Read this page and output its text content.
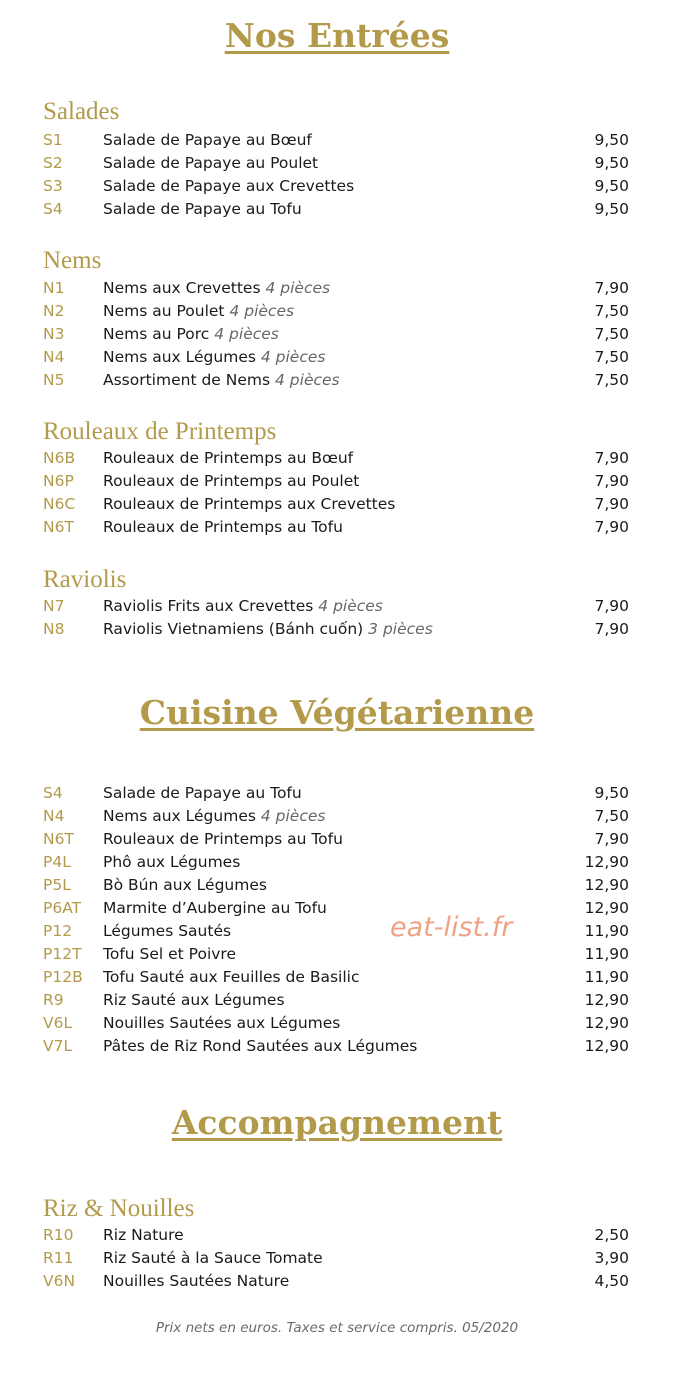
Nos Entrées
Salades
S1	Salade de Papaye au Bœuf	9,50
S2	Salade de Papaye au Poulet	9,50
S3	Salade de Papaye aux Crevettes	9,50
S4	Salade de Papaye au Tofu	9,50
Nems
N1 Nems aux Crevettes 4 pièces	7,90
N2 Nems au Poulet 4 pièces	7,50
N3 Nems au Porc 4 pièces	7,50
N4 Nems aux Légumes 4 pièces	7,50
N5 Assortiment de Nems 4 pièces	7,50
Rouleaux de Printemps
N6B Rouleaux de Printemps au Bœuf	7,90
N6P Rouleaux de Printemps au Poulet	7,90
N6C Rouleaux de Printemps aux Crevettes	7,90
N6T Rouleaux de Printemps au Tofu	7,90
Raviolis
N7 Raviolis Frits aux Crevettes 4 pièces	7,90
N8 Raviolis Vietnamiens (Bánh cuốn) 3 pièces	7,90
Cuisine Végétarienne
S4	Salade de Papaye au Tofu	9,50
N4 Nems aux Légumes 4 pièces	7,50
N6T Rouleaux de Printemps au Tofu	7,90
P4L Phô aux Légumes	12,90
P5L Bò Bún aux Légumes	12,90
P6AT Marmite d’Aubergine au Tofu	12,90
P12 Légumes Sautés	11,90
P12T Tofu Sel et Poivre	11,90
P12B Tofu Sauté aux Feuilles de Basilic	11,90
R9	Riz Sauté aux Légumes	12,90
V6L Nouilles Sautées aux Légumes	12,90
V7L Pâtes de Riz Rond Sautées aux Légumes	12,90
eat-list.fr
Accompagnement
Riz & Nouilles
R10 Riz Nature	2,50
R11 Riz Sauté à la Sauce Tomate	3,90
V6N Nouilles Sautées Nature	4,50
Prix nets en euros. Taxes et service compris. 05/2020
